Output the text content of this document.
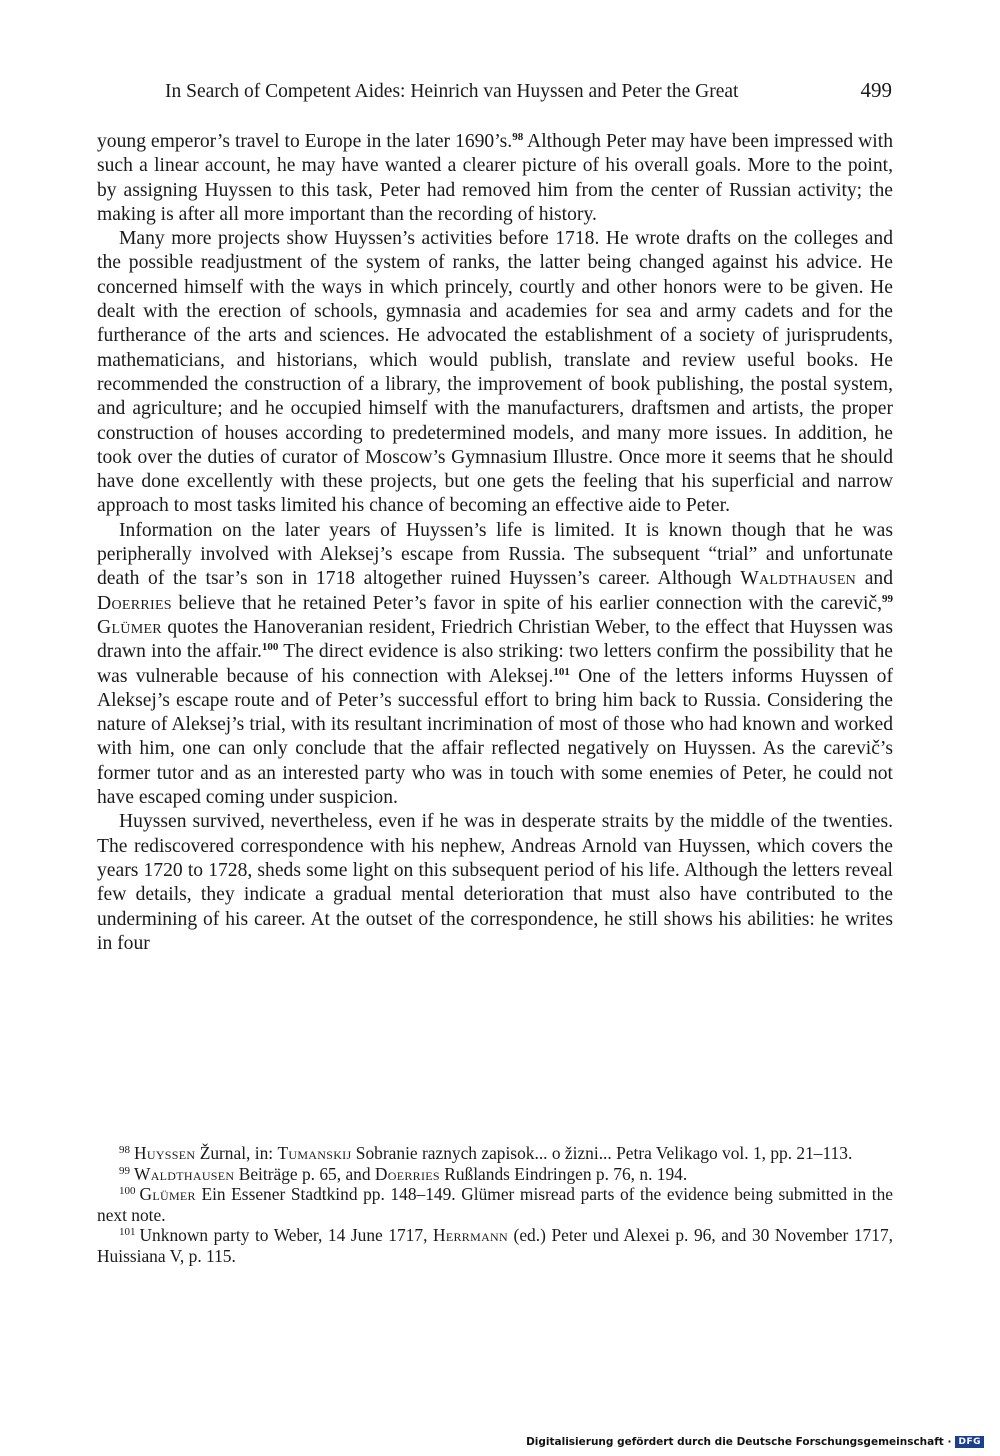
In Search of Competent Aides: Heinrich van Huyssen and Peter the Great	499

young emperor’s travel to Europe in the later 1690’s.$^{98}$ Although Peter may have been impressed with such a linear account, he may have wanted a clearer picture of his overall goals. More to the point, by assigning Huyssen to this task, Peter had removed him from the center of Russian activity; the making is after all more important than the recording of history.

Many more projects show Huyssen’s activities before 1718. He wrote drafts on the colleges and the possible readjustment of the system of ranks, the latter being changed against his advice. He concerned himself with the ways in which princely, courtly and other honors were to be given. He dealt with the erection of schools, gymnasia and academies for sea and army cadets and for the furtherance of the arts and sciences. He advocated the establishment of a society of jurisprudents, mathematicians, and historians, which would publish, translate and review useful books. He recommended the construction of a library, the improvement of book publishing, the postal system, and agriculture; and he occupied himself with the manufacturers, draftsmen and artists, the proper construction of houses according to predetermined models, and many more issues. In addition, he took over the duties of curator of Moscow’s Gymnasium Illustre. Once more it seems that he should have done excellently with these projects, but one gets the feeling that his superficial and narrow approach to most tasks limited his chance of becoming an effective aide to Peter.

Information on the later years of Huyssen’s life is limited. It is known though that he was peripherally involved with Aleksej’s escape from Russia. The subsequent “trial” and unfortunate death of the tsar’s son in 1718 altogether ruined Huyssen’s career. Although Waldthausen and Doerries believe that he retained Peter’s favor in spite of his earlier connection with the carevič,$^{99}$ Glümer quotes the Hanoveranian resident, Friedrich Christian Weber, to the effect that Huyssen was drawn into the affair.$^{100}$ The direct evidence is also striking: two letters confirm the possibility that he was vulnerable because of his connection with Aleksej.$^{101}$ One of the letters informs Huyssen of Aleksej’s escape route and of Peter’s successful effort to bring him back to Russia. Considering the nature of Aleksej’s trial, with its resultant incrimination of most of those who had known and worked with him, one can only conclude that the affair reflected negatively on Huyssen. As the carevič’s former tutor and as an interested party who was in touch with some enemies of Peter, he could not have escaped coming under suspicion.

Huyssen survived, nevertheless, even if he was in desperate straits by the middle of the twenties. The rediscovered correspondence with his nephew, Andreas Arnold van Huyssen, which covers the years 1720 to 1728, sheds some light on this subsequent period of his life. Although the letters reveal few details, they indicate a gradual mental deterioration that must also have contributed to the undermining of his career. At the outset of the correspondence, he still shows his abilities: he writes in four

$^{98}$ Huyssen Žurnal, in: Tumanskij Sobranie raznych zapisok... o žizni... Petra Velikago vol. 1, pp. 21–113.

$^{99}$ Waldthausen Beiträge p. 65, and Doerries Rußlands Eindringen p. 76, n. 194.

$^{100}$ Glümer Ein Essener Stadtkind pp. 148–149. Glümer misread parts of the evidence being submitted in the next note.

$^{101}$ Unknown party to Weber, 14 June 1717, Herrmann (ed.) Peter und Alexei p. 96, and 30 November 1717, Huissiana V, p. 115.

Digitalisierung gefördert durch die Deutsche Forschungsgemeinschaft · DFG
